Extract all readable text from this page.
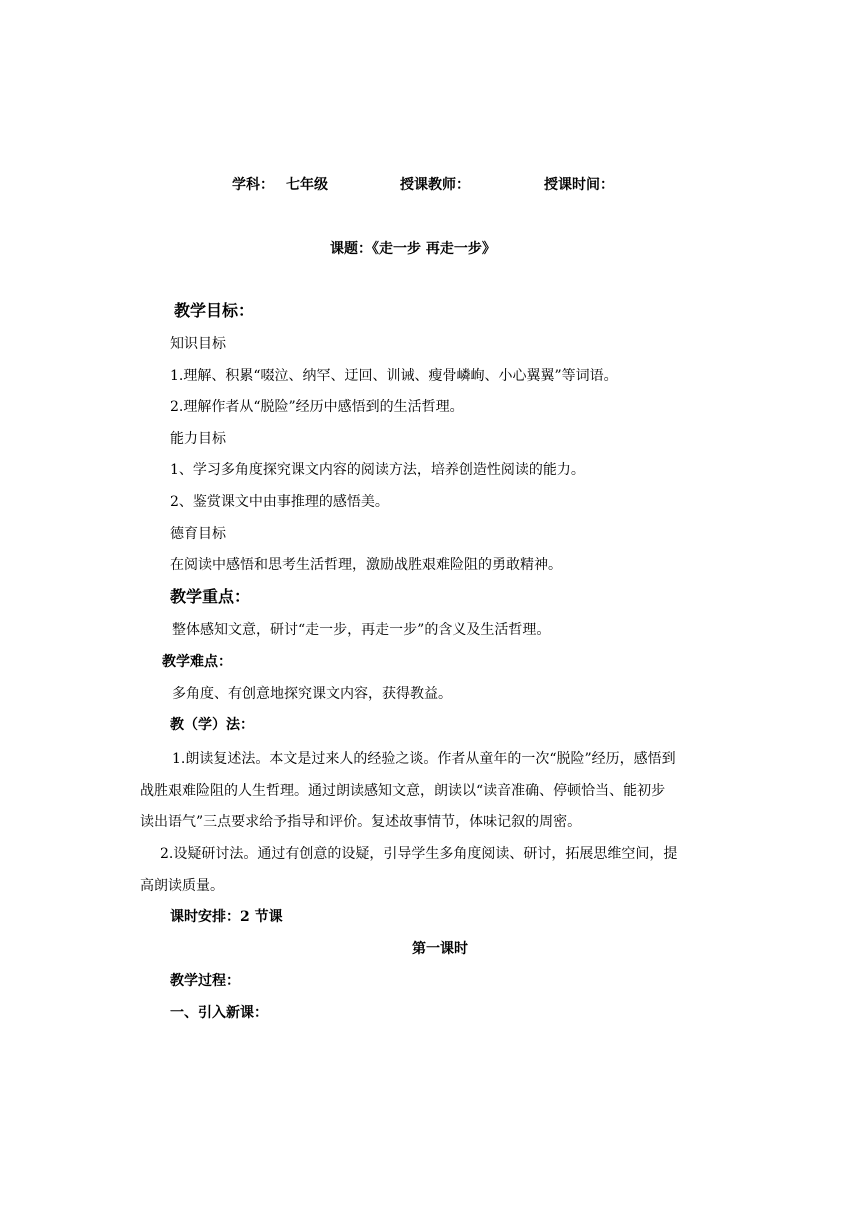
学科： 七年级	授课教师：	授课时间：
课题：《走一步 再走一步》
教学目标：
知识目标
1.理解、积累“啜泣、纳罕、迂回、训诫、瘦骨嶙峋、小心翼翼”等词语。
2.理解作者从“脱险”经历中感悟到的生活哲理。
能力目标
1、学习多角度探究课文内容的阅读方法，培养创造性阅读的能力。
2、鉴赏课文中由事推理的感悟美。
德育目标
在阅读中感悟和思考生活哲理，激励战胜艰难险阻的勇敢精神。
教学重点：
整体感知文意，研讨“走一步，再走一步”的含义及生活哲理。
教学难点：
多角度、有创意地探究课文内容，获得教益。
教（学）法：
1.朗读复述法。本文是过来人的经验之谈。作者从童年的一次“脱险”经历，感悟到
战胜艰难险阻的人生哲理。通过朗读感知文意，朗读以“读音准确、停顿恰当、能初步
读出语气”三点要求给予指导和评价。复述故事情节，体味记叙的周密。
2.设疑研讨法。通过有创意的设疑，引导学生多角度阅读、研讨，拓展思维空间，提
高朗读质量。
课时安排：2 节课
第一课时
教学过程：
一、引入新课：
